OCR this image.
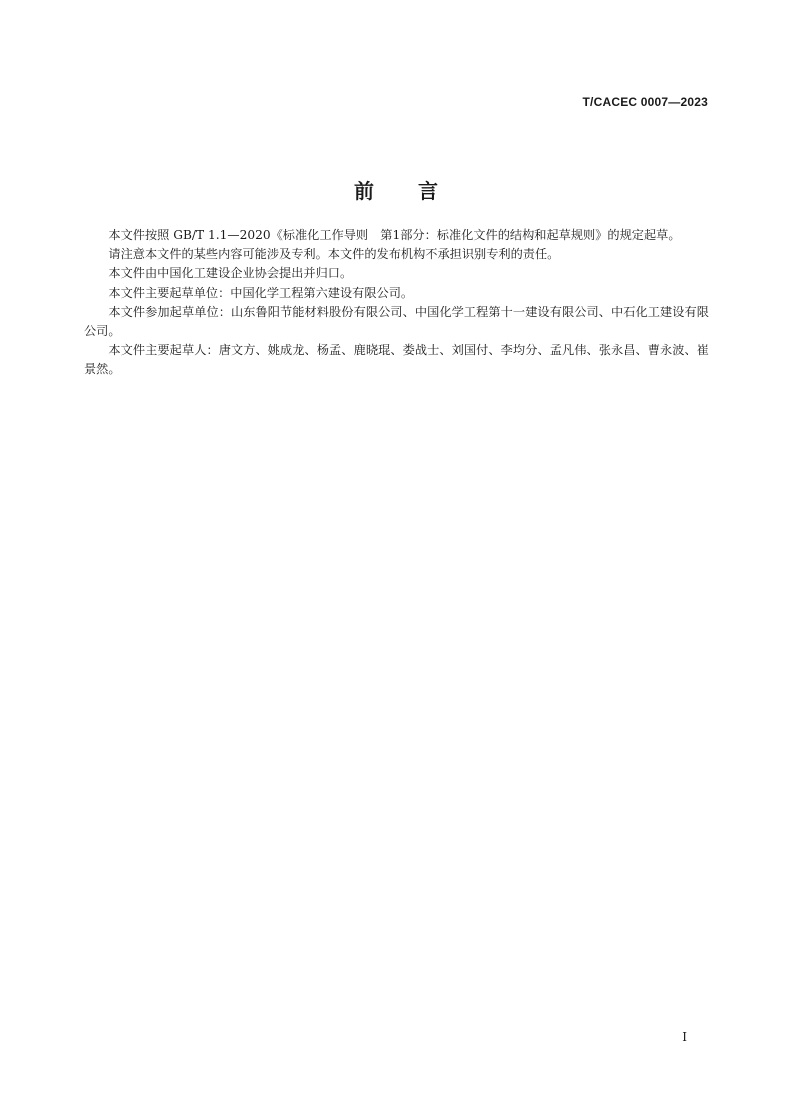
T/CACEC 0007—2023
前言

本文件按照 GB/T 1.1—2020《标准化工作导则　第1部分：标准化文件的结构和起草规则》的规定起草。

请注意本文件的某些内容可能涉及专利。本文件的发布机构不承担识别专利的责任。

本文件由中国化工建设企业协会提出并归口。

本文件主要起草单位：中国化学工程第六建设有限公司。

本文件参加起草单位：山东鲁阳节能材料股份有限公司、中国化学工程第十一建设有限公司、中石化工建设有限公司。

本文件主要起草人：唐文方、姚成龙、杨孟、鹿晓琨、娄战士、刘国付、李均分、孟凡伟、张永昌、曹永波、崔景然。

I
